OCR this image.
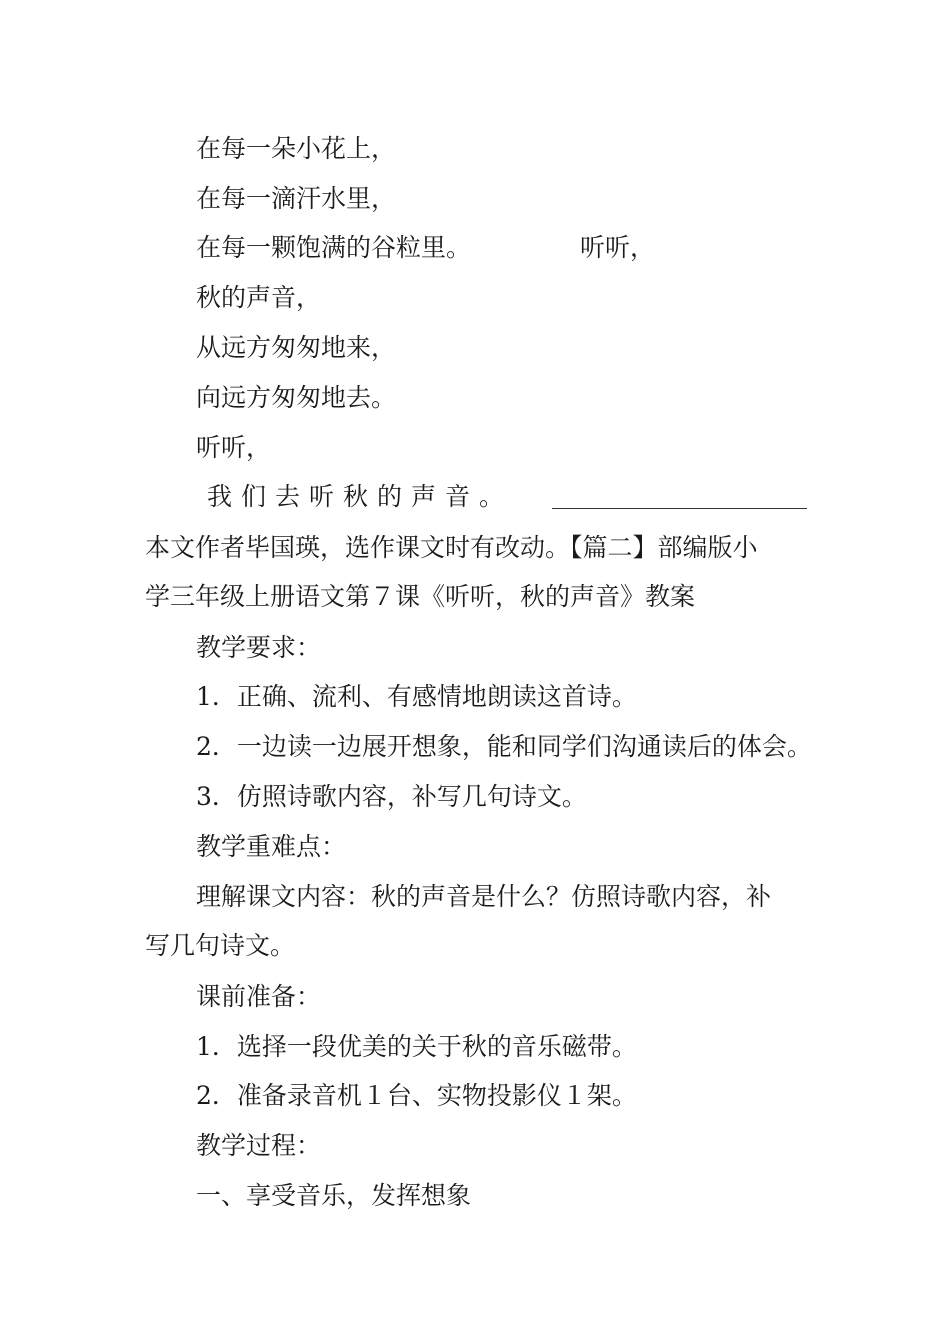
在每一朵小花上，
在每一滴汗水里，
在每一颗饱满的谷粒里。	听听，
秋的声音，
从远方匆匆地来，
向远方匆匆地去。
听听，
我们去听秋的声音。
本文作者毕国瑛，选作课文时有改动。【篇二】部编版小
学三年级上册语文第７课《听听，秋的声音》教案
教学要求：
1．正确、流利、有感情地朗读这首诗。
2．一边读一边展开想象，能和同学们沟通读后的体会。
3．仿照诗歌内容，补写几句诗文。
教学重难点：
理解课文内容：秋的声音是什么？仿照诗歌内容，补
写几句诗文。
课前准备：
1．选择一段优美的关于秋的音乐磁带。
2．准备录音机１台、实物投影仪１架。
教学过程：
一、享受音乐，发挥想象
